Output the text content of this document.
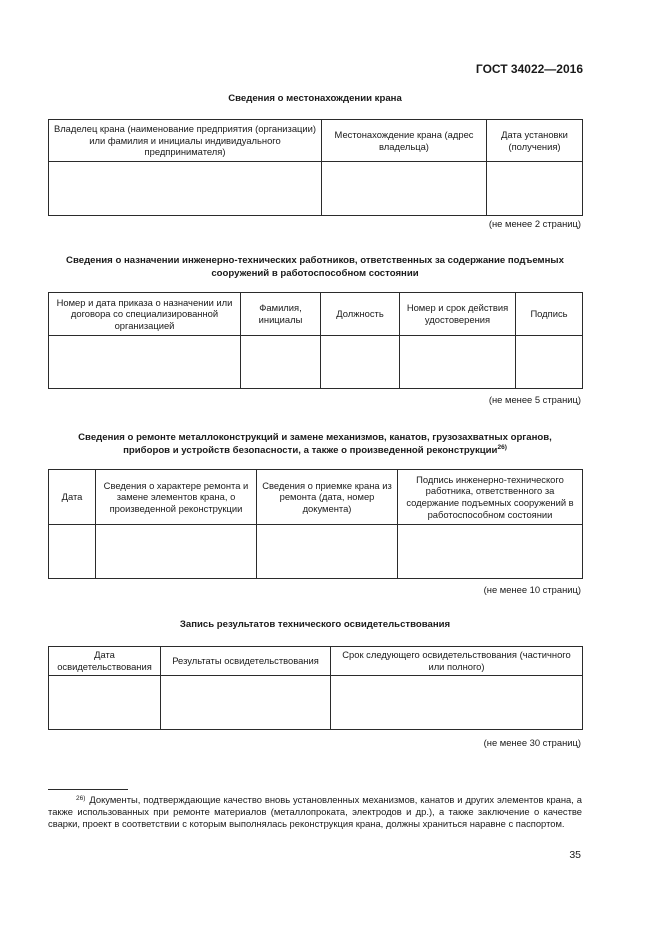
ГОСТ 34022—2016
Сведения о местонахождении крана
Владелец крана (наименование предприятия (организации) или фамилия и инициалы индивидуального предпринимателя)	Местонахождение крана (адрес владельца)	Дата установки (получения)

(не менее 2 страниц)
Сведения о назначении инженерно-технических работников, ответственных за содержание подъемных
сооружений в работоспособном состоянии
Номер и дата приказа о назначении или договора со специализированной организацией	Фамилия, инициалы	Должность	Номер и срок действия удостоверения	Подпись

(не менее 5 страниц)
Сведения о ремонте металлоконструкций и замене механизмов, канатов, грузозахватных органов,
приборов и устройств безопасности, а также о произведенной реконструкции$^{26)}$
Дата	Сведения о характере ремонта и замене элементов крана, о произведенной реконструкции	Сведения о приемке крана из ремонта (дата, номер документа)	Подпись инженерно-технического работника, ответственного за содержание подъемных сооружений в работоспособном состоянии

(не менее 10 страниц)
Запись результатов технического освидетельствования
Дата освидетельствования	Результаты освидетельствования	Срок следующего освидетельствования (частичного или полного)

(не менее 30 страниц)
$^{26)}$ Документы, подтверждающие качество вновь установленных механизмов, канатов и других элементов крана, а также использованных при ремонте материалов (металлопроката, электродов и др.), а также заключение о качестве сварки, проект в соответствии с которым выполнялась реконструкция крана, должны храниться наравне с паспортом.
35
